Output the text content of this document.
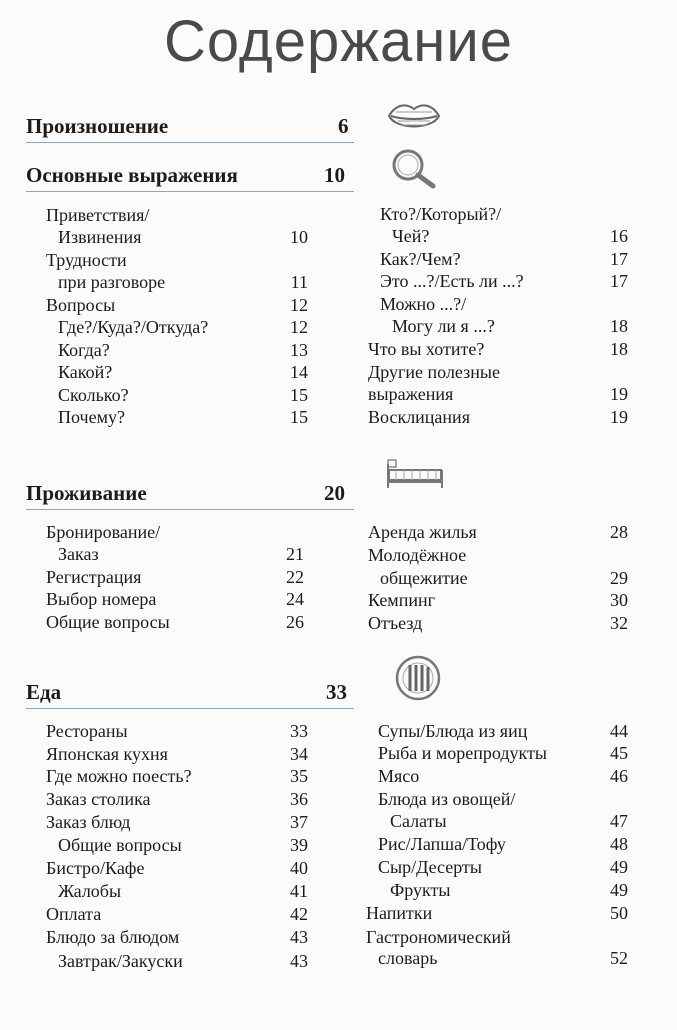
Содержание
Произношение	6
Основные выражения	10
Приветствия/
Извинения	10
Трудности
при разговоре	11
Вопросы	12
Где?/Куда?/Откуда?	12
Когда?	13
Какой?	14
Сколько?	15
Почему?	15
Кто?/Который?/
Чей?	16
Как?/Чем?	17
Это ...?/Есть ли ...?	17
Можно ...?/
Могу ли я ...?	18
Что вы хотите?	18
Другие полезные
выражения	19
Восклицания	19
Проживание	20
Бронирование/
Заказ	21
Регистрация	22
Выбор номера	24
Общие вопросы	26
Аренда жилья	28
Молодёжное
общежитие	29
Кемпинг	30
Отъезд	32
Еда	33
Рестораны	33
Японская кухня	34
Где можно поесть?	35
Заказ столика	36
Заказ блюд	37
Общие вопросы	39
Бистро/Кафе	40
Жалобы	41
Оплата	42
Блюдо за блюдом	43
Завтрак/Закуски	43
Супы/Блюда из яиц	44
Рыба и морепродукты	45
Мясо	46
Блюда из овощей/
Салаты	47
Рис/Лапша/Тофу	48
Сыр/Десерты	49
Фрукты	49
Напитки	50
Гастрономический
словарь	52
